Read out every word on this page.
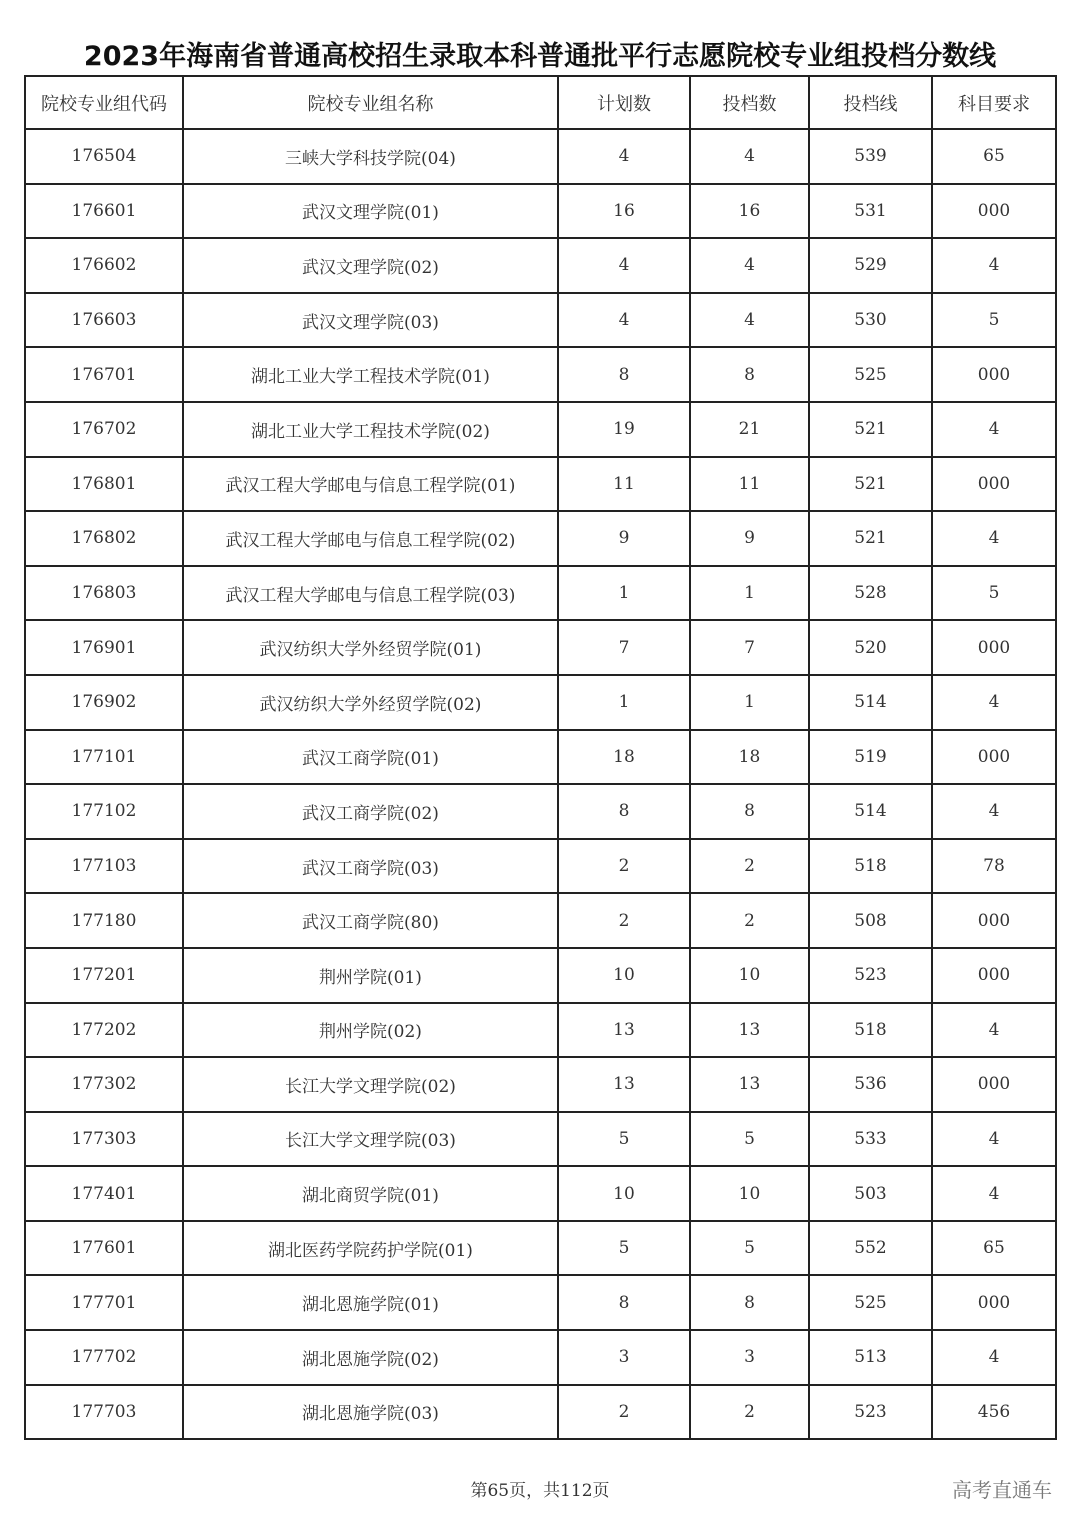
2023年海南省普通高校招生录取本科普通批平行志愿院校专业组投档分数线
院校专业组代码	院校专业组名称	计划数	投档数	投档线	科目要求
176504	三峡大学科技学院(04)	4	4	539	65
176601	武汉文理学院(01)	16	16	531	000
176602	武汉文理学院(02)	4	4	529	4
176603	武汉文理学院(03)	4	4	530	5
176701	湖北工业大学工程技术学院(01)	8	8	525	000
176702	湖北工业大学工程技术学院(02)	19	21	521	4
176801	武汉工程大学邮电与信息工程学院(01)	11	11	521	000
176802	武汉工程大学邮电与信息工程学院(02)	9	9	521	4
176803	武汉工程大学邮电与信息工程学院(03)	1	1	528	5
176901	武汉纺织大学外经贸学院(01)	7	7	520	000
176902	武汉纺织大学外经贸学院(02)	1	1	514	4
177101	武汉工商学院(01)	18	18	519	000
177102	武汉工商学院(02)	8	8	514	4
177103	武汉工商学院(03)	2	2	518	78
177180	武汉工商学院(80)	2	2	508	000
177201	荆州学院(01)	10	10	523	000
177202	荆州学院(02)	13	13	518	4
177302	长江大学文理学院(02)	13	13	536	000
177303	长江大学文理学院(03)	5	5	533	4
177401	湖北商贸学院(01)	10	10	503	4
177601	湖北医药学院药护学院(01)	5	5	552	65
177701	湖北恩施学院(01)	8	8	525	000
177702	湖北恩施学院(02)	3	3	513	4
177703	湖北恩施学院(03)	2	2	523	456
第65页，共112页	高考直通车
